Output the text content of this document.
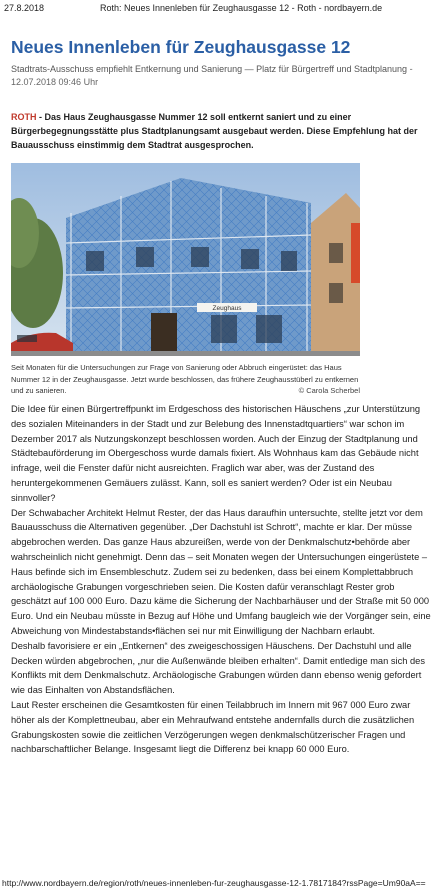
27.8.2018	Roth: Neues Innenleben für Zeughausgasse 12 - Roth - nordbayern.de
Neues Innenleben für Zeughausgasse 12
Stadtrats-Ausschuss empfiehlt Entkernung und Sanierung — Platz für Bürgertreff und Stadtplanung - 12.07.2018 09:46 Uhr
ROTH - Das Haus Zeughausgasse Nummer 12 soll entkernt saniert und zu einer Bürgerbegegnungsstätte plus Stadtplanungsamt ausgebaut werden. Diese Empfehlung hat der Bauausschuss einstimmig dem Stadtrat ausgesprochen.
Zeughaus
Seit Monaten für die Untersuchungen zur Frage von Sanierung oder Abbruch eingerüstet: das Haus Nummer 12 in der Zeughausgasse. Jetzt wurde beschlossen, das frühere Zeughausstüberl zu entkernen und zu sanieren.	© Carola Scherbel

Die Idee für einen Bürgertreffpunkt im Erdgeschoss des historischen Häuschens „zur Unterstützung des sozialen Miteinanders in der Stadt und zur Belebung des Innenstadtquartiers“ war schon im Dezember 2017 als Nutzungskonzept beschlossen worden. Auch der Einzug der Stadtplanung und Städtebauförderung im Obergeschoss wurde damals fixiert. Als Wohnhaus kam das Gebäude nicht infrage, weil die Fenster dafür nicht ausreichten. Fraglich war aber, was der Zustand des heruntergekommenen Gemäuers zulässt. Kann, soll es saniert werden? Oder ist ein Neubau sinnvoller?

Der Schwabacher Architekt Helmut Rester, der das Haus daraufhin untersuchte, stellte jetzt vor dem Bauausschuss die Alternativen gegenüber. „Der Dachstuhl ist Schrott“, machte er klar. Der müsse abgebrochen werden. Das ganze Haus abzureißen, werde von der Denkmalschutz•behörde aber wahrscheinlich nicht genehmigt. Denn das – seit Monaten wegen der Untersuchungen eingerüstete – Haus befinde sich im Ensembleschutz. Zudem sei zu bedenken, dass bei einem Komplettabbruch archäologische Grabungen vorgeschrieben seien. Die Kosten dafür veranschlagt Rester grob geschätzt auf 100 000 Euro. Dazu käme die Sicherung der Nachbarhäuser und der Straße mit 50 000 Euro. Und ein Neubau müsste in Bezug auf Höhe und Umfang baugleich wie der Vorgänger sein, eine Abweichung von Mindestabstands•flächen sei nur mit Einwilligung der Nachbarn erlaubt.

Deshalb favorisiere er ein „Entkernen“ des zweigeschossigen Häuschens. Der Dachstuhl und alle Decken würden abgebrochen, „nur die Außenwände bleiben erhalten“. Damit entledige man sich des Konflikts mit dem Denkmalschutz. Archäologische Grabungen würden dann ebenso wenig gefordert wie das Einhalten von Abstandsflächen.

Laut Rester erscheinen die Gesamtkosten für einen Teilabbruch im Innern mit 967 000 Euro zwar höher als der Komplettneubau, aber ein Mehraufwand entstehe andernfalls durch die zusätzlichen Grabungskosten sowie die zeitlichen Verzögerungen wegen denkmalschützerischer Fragen und nachbarschaftlicher Belange. Insgesamt liegt die Differenz bei knapp 60 000 Euro.

http://www.nordbayern.de/region/roth/neues-innenleben-fur-zeughausgasse-12-1.7817184?rssPage=Um90aA==
